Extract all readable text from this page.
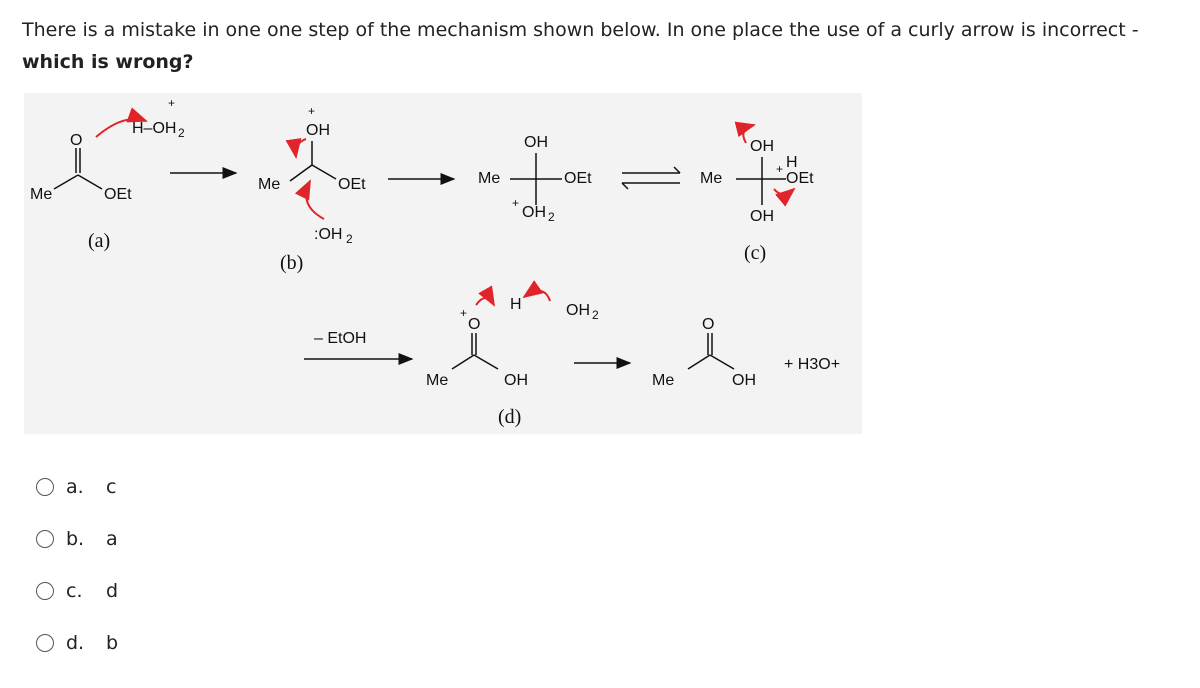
There is a mistake in one one step of the mechanism shown below. In one place the use of a curly arrow is incorrect - which is wrong?
Me
O
OEt
H–OH 2
+
(a)
OH
+
Me	OEt
:OH 2
(b)
OH
Me	OEt
+
OH 2
OH
Me
H
+
OEt
OH
(c)
– EtOH
+
O
H	OH 2
Me	OH
(d)
O
Me	OH
+ H3O+
a.	c
b.	a
c.	d
d.	b
